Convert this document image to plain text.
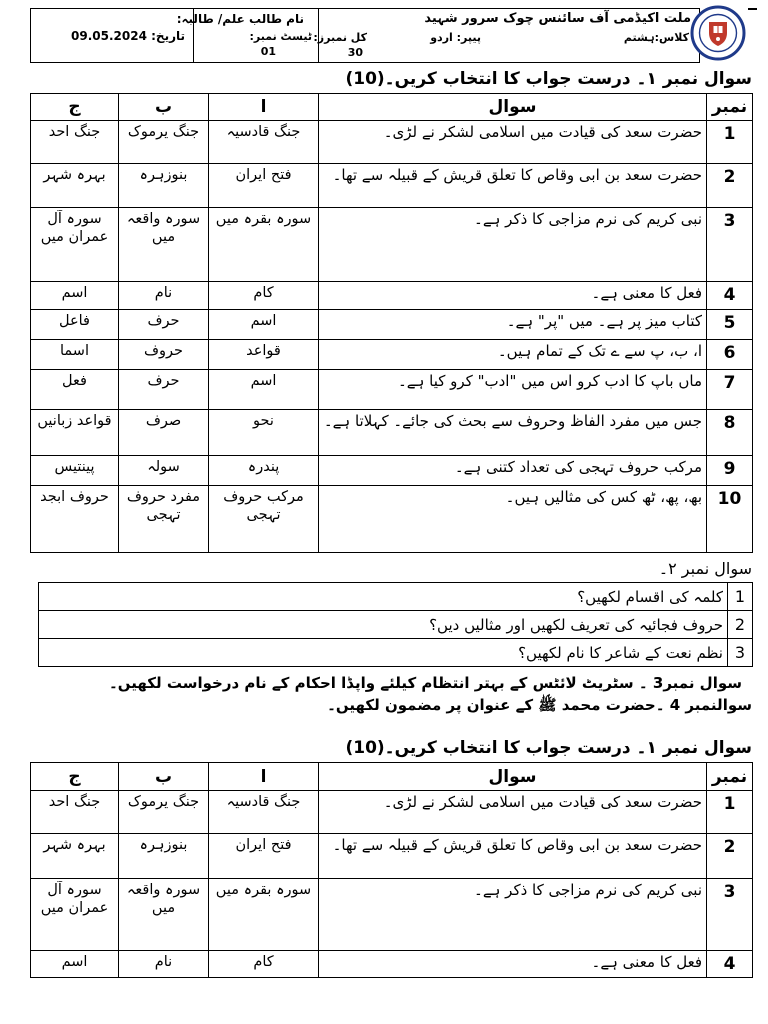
تاریخ: 09.05.2024
نام طالب علم/ طالبہ:
ٹیسٹ نمبر:
01
ملت اکیڈمی آف سائنس چوک سرور شہید
کلاس:ہشتم
پیپر: اردو
کل نمبرز:
30
سوال نمبر ۱۔ درست جواب کا انتخاب کریں۔(10)
نمبر	سوال	ا	ب	ج

1	حضرت سعد کی قیادت میں اسلامی لشکر نے لڑی۔	جنگ قادسیہ	جنگ یرموک	جنگ احد

2	حضرت سعد بن ابی وقاص کا تعلق قریش کے قبیلہ سے تھا۔	فتح ایران	بنوزہرہ	بہرہ شہر

3	نبی کریم کی نرم مزاجی کا ذکر ہے۔	سورہ بقرہ میں	سورہ واقعہ میں	سورہ آل عمران میں

4	فعل کا معنی ہے۔	کام	نام	اسم

5	کتاب میز پر ہے۔ میں "پر" ہے۔	اسم	حرف	فاعل

6	ا، ب، پ سے ے تک کے تمام ہیں۔	قواعد	حروف	اسما

7	ماں باپ کا ادب کرو اس میں "ادب" کرو کیا ہے۔	اسم	حرف	فعل

8	جس میں مفرد الفاظ وحروف سے بحث کی جائے۔ کہلاتا ہے۔	نحو	صرف	قواعد زبانیں

9	مرکب حروف تہجی کی تعداد کتنی ہے۔	پندرہ	سولہ	پینتیس

10	بھ، پھ، ٹھ کس کی مثالیں ہیں۔	مرکب حروف تہجی	مفرد حروف تہجی	حروف ابجد
سوال نمبر ۲۔
1	کلمہ کی اقسام لکھیں؟

2	حروف فجائیہ کی تعریف لکھیں اور مثالیں دیں؟

3	نظم نعت کے شاعر کا نام لکھیں؟
سوال نمبر3 ۔ سٹریٹ لائٹس کے بہتر انتظام کیلئے واپڈا احکام کے نام درخواست لکھیں۔
سوالنمبر 4 ۔حضرت محمد ﷺ کے عنوان پر مضمون لکھیں۔
سوال نمبر ۱۔ درست جواب کا انتخاب کریں۔(10)
نمبر	سوال	ا	ب	ج

1	حضرت سعد کی قیادت میں اسلامی لشکر نے لڑی۔	جنگ قادسیہ	جنگ یرموک	جنگ احد

2	حضرت سعد بن ابی وقاص کا تعلق قریش کے قبیلہ سے تھا۔	فتح ایران	بنوزہرہ	بہرہ شہر

3	نبی کریم کی نرم مزاجی کا ذکر ہے۔	سورہ بقرہ میں	سورہ واقعہ میں	سورہ آل عمران میں

4	فعل کا معنی ہے۔	کام	نام	اسم
